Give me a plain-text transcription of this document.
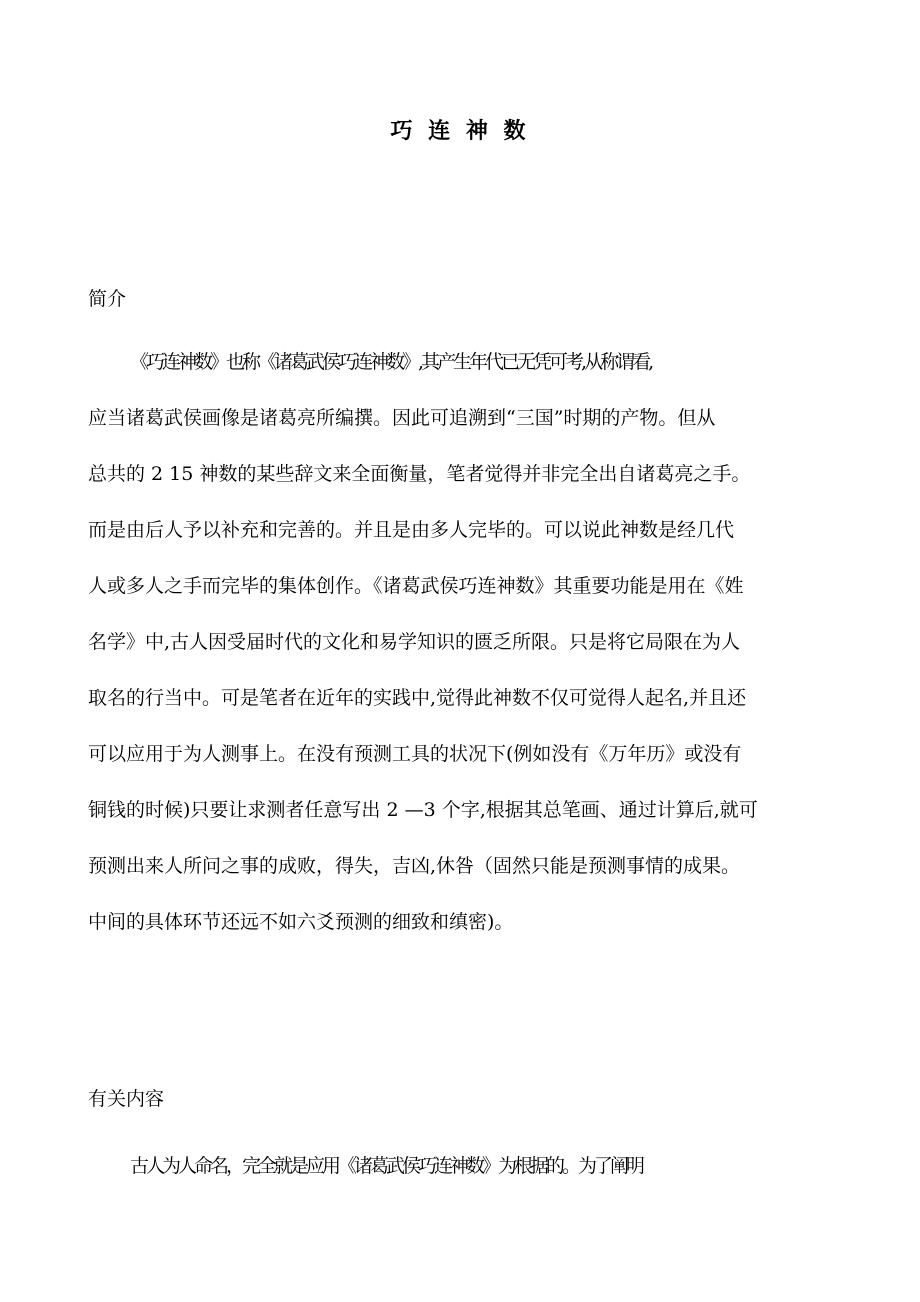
巧 连 神 数
简介
《巧连神数》也称《诸葛武侯巧连神数》,其产生年代已无凭可考,从称谓看,
应当诸葛武侯画像是诸葛亮所编撰。因此可追溯到“三国”时期的产物。但从
总共的 2 15 神数的某些辞文来全面衡量，笔者觉得并非完全出自诸葛亮之手。
而是由后人予以补充和完善的。并且是由多人完毕的。可以说此神数是经几代
人或多人之手而完毕的集体创作。《诸葛武侯巧连神数》其重要功能是用在《姓
名学》中,古人因受届时代的文化和易学知识的匮乏所限。只是将它局限在为人
取名的行当中。可是笔者在近年的实践中,觉得此神数不仅可觉得人起名,并且还
可以应用于为人测事上。在没有预测工具的状况下(例如没有《万年历》或没有
铜钱的时候)只要让求测者任意写出 2 —3 个字,根据其总笔画、通过计算后,就可
预测出来人所问之事的成败，得失，吉凶,休咎（固然只能是预测事情的成果。
中间的具体环节还远不如六爻预测的细致和缜密)。
有关内容
古人为人命名，完全就是应用《诸葛武侯巧连神数》为根据的。为了阐明
